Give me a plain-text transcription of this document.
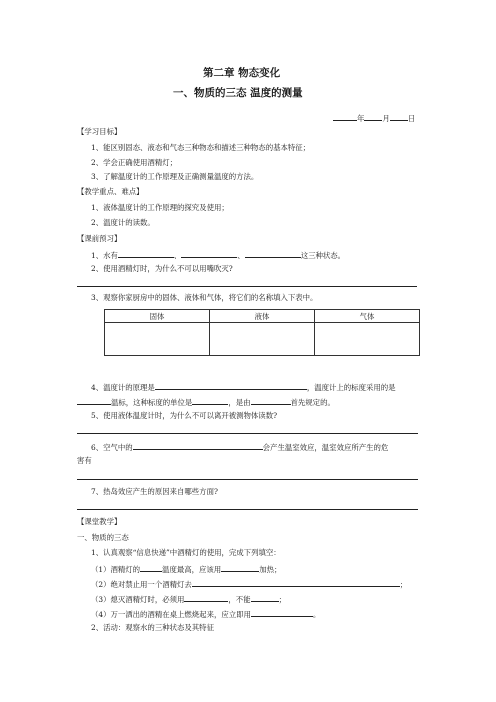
第二章 物态变化
一、物质的三态 温度的测量
年 月 日
【学习目标】
1、能区别固态、液态和气态三种物态和描述三种物态的基本特征；
2、学会正确使用酒精灯；
3、了解温度计的工作原理及正确测量温度的方法。
【教学重点、难点】
1、液体温度计的工作原理的探究及使用；
2、温度计的读数。
【课前预习】
1、水有	、	、	这三种状态。
2、使用酒精灯时，为什么不可以用嘴吹灭?
3、观察你家厨房中的固体、液体和气体，将它们的名称填入下表中。
固体	液体	气体

4、温度计的原理是	，温度计上的标度采用的是
温标，这种标度的单位是	，是由	首先规定的。
5、使用液体温度计时，为什么不可以离开被测物体读数?
6、空气中的	会产生温室效应，温室效应所产生的危
害有
7、热岛效应产生的原因来自哪些方面?
【课堂教学】
一、物质的三态
1、认真观察“信息快递”中酒精灯的使用，完成下列填空：
（1）酒精灯的	温度最高，应该用	加热；
（2）绝对禁止用一个酒精灯去	；
（3）熄灭酒精灯时，必须用	，不能	；
（4）万一洒出的酒精在桌上燃烧起来，应立即用	。
2、活动：观察水的三种状态及其特征
